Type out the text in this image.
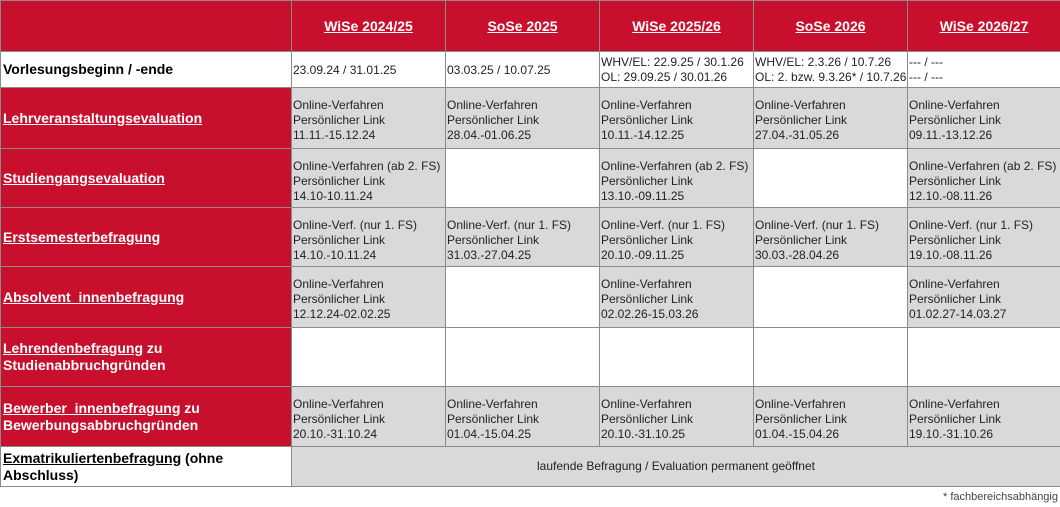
	WiSe 2024/25	SoSe 2025	WiSe 2025/26	SoSe 2026	WiSe 2026/27
Vorlesungsbeginn / -ende	23.09.24 / 31.01.25	03.03.25 / 10.07.25	WHV/EL: 22.9.25 / 30.1.26
OL: 29.09.25 / 30.01.26	WHV/EL: 2.3.26 / 10.7.26
OL: 2. bzw. 9.3.26* / 10.7.26	--- / ---
--- / ---

Lehrveranstaltungsevaluation	Online-Verfahren
Persönlicher Link
11.11.-15.12.24	Online-Verfahren
Persönlicher Link
28.04.-01.06.25	Online-Verfahren
Persönlicher Link
10.11.-14.12.25	Online-Verfahren
Persönlicher Link
27.04.-31.05.26	Online-Verfahren
Persönlicher Link
09.11.-13.12.26

Studiengangsevaluation	Online-Verfahren (ab 2. FS)
Persönlicher Link
14.10-10.11.24		Online-Verfahren (ab 2. FS)
Persönlicher Link
13.10.-09.11.25		Online-Verfahren (ab 2. FS)
Persönlicher Link
12.10.-08.11.26

Erstsemesterbefragung	Online-Verf. (nur 1. FS)
Persönlicher Link
14.10.-10.11.24	Online-Verf. (nur 1. FS)
Persönlicher Link
31.03.-27.04.25	Online-Verf. (nur 1. FS)
Persönlicher Link
20.10.-09.11.25	Online-Verf. (nur 1. FS)
Persönlicher Link
30.03.-28.04.26	Online-Verf. (nur 1. FS)
Persönlicher Link
19.10.-08.11.26

Absolvent_innenbefragung	Online-Verfahren
Persönlicher Link
12.12.24-02.02.25		Online-Verfahren
Persönlicher Link
02.02.26-15.03.26		Online-Verfahren
Persönlicher Link
01.02.27-14.03.27

Lehrendenbefragung zu
Studienabbruchgründen					

Bewerber_innenbefragung zu
Bewerbungsabbruchgründen	Online-Verfahren
Persönlicher Link
20.10.-31.10.24	Online-Verfahren
Persönlicher Link
01.04.-15.04.25	Online-Verfahren
Persönlicher Link
20.10.-31.10.25	Online-Verfahren
Persönlicher Link
01.04.-15.04.26	Online-Verfahren
Persönlicher Link
19.10.-31.10.26

Exmatrikuliertenbefragung (ohne
Abschluss)	laufende Befragung / Evaluation permanent geöffnet				
* fachbereichsabhängig
